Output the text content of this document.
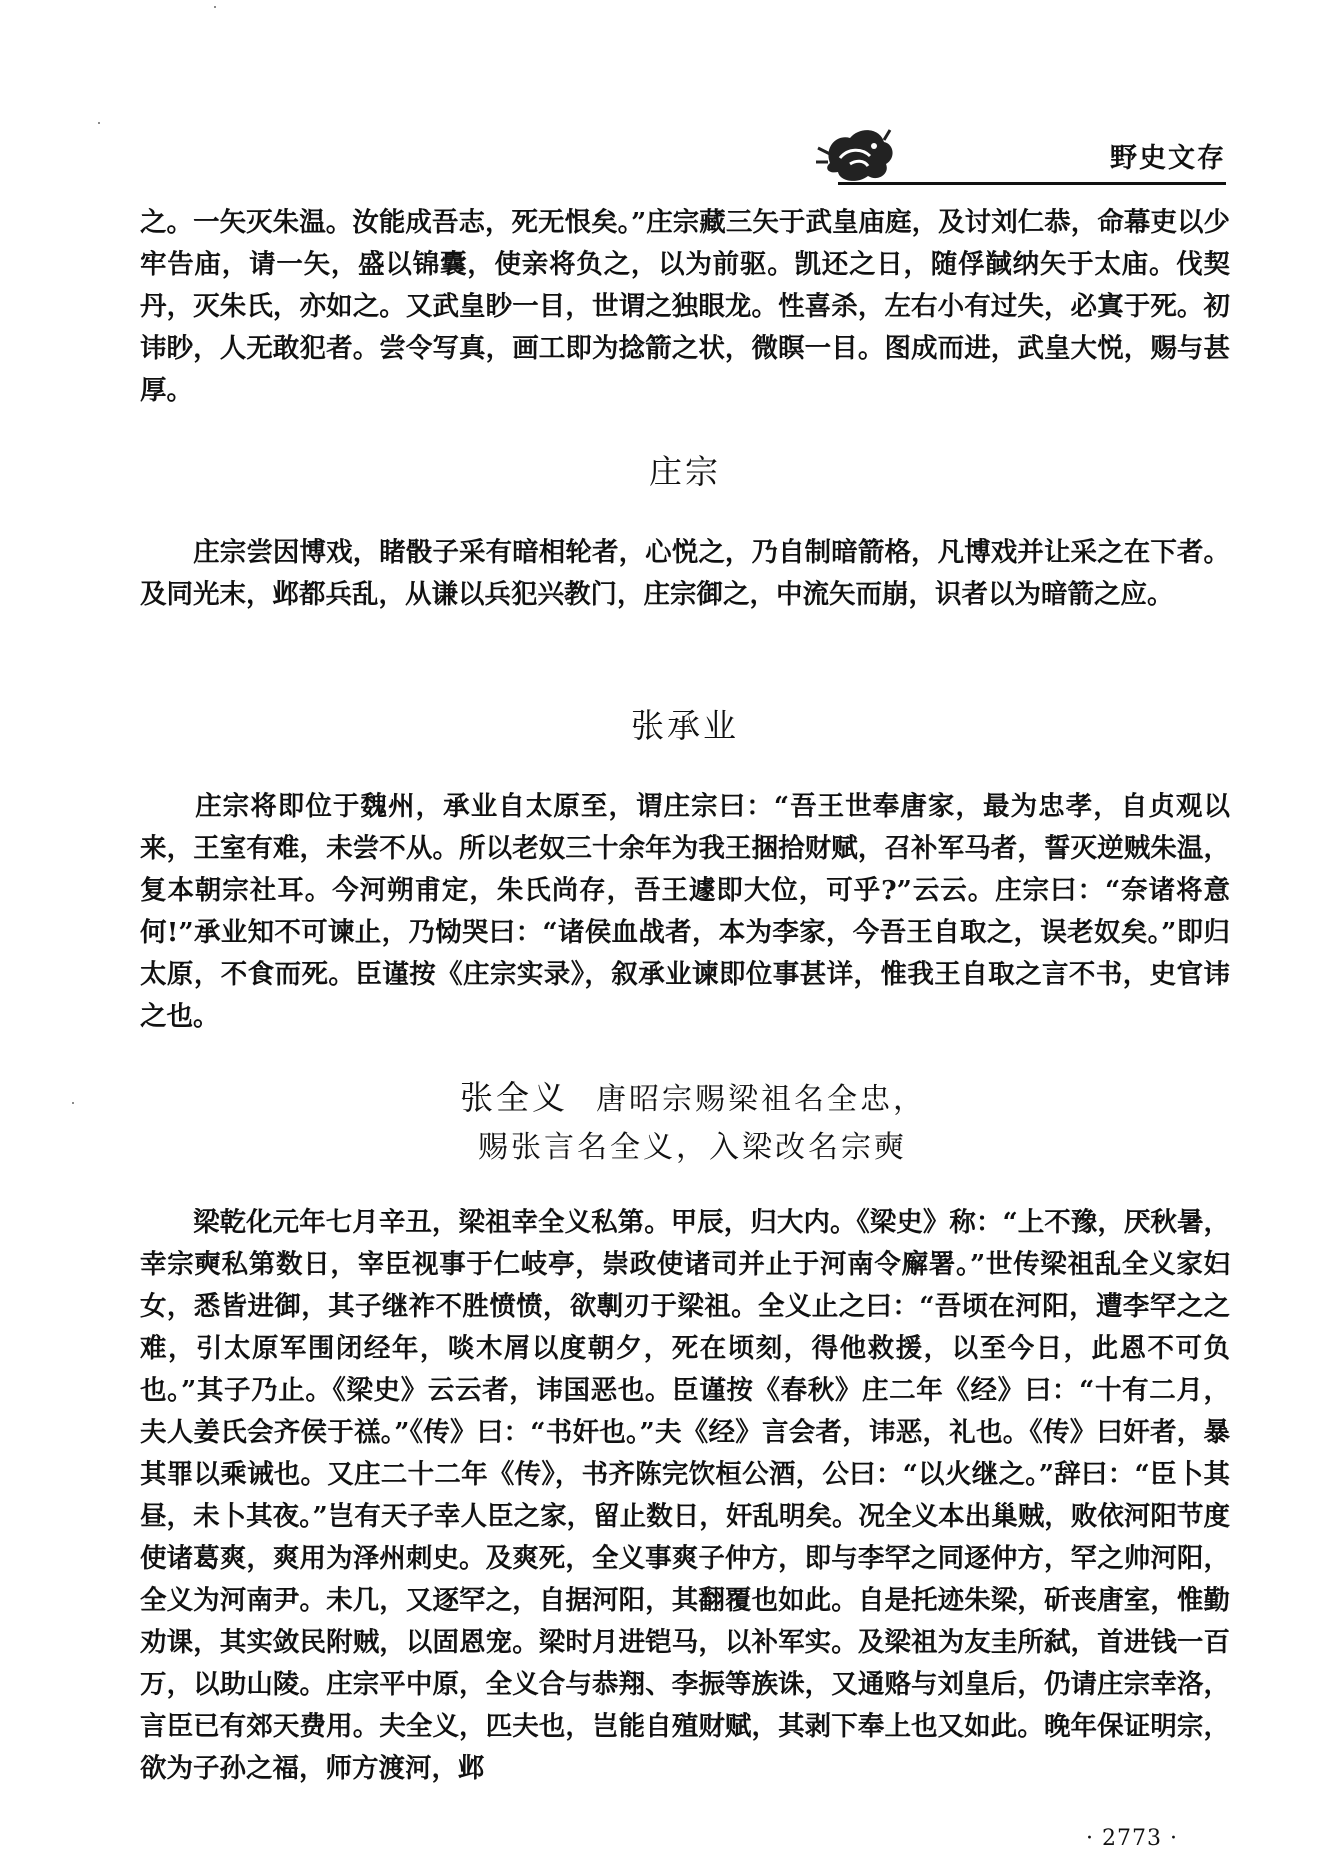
野史文存
之。一矢灭朱温。汝能成吾志，死无恨矣。”庄宗藏三矢于武皇庙庭，及讨刘仁恭，命幕吏以少牢告庙，请一矢，盛以锦囊，使亲将负之，以为前驱。凯还之日，随俘馘纳矢于太庙。伐契丹，灭朱氏，亦如之。又武皇眇一目，世谓之独眼龙。性喜杀，左右小有过失，必寘于死。初讳眇，人无敢犯者。尝令写真，画工即为捻箭之状，微瞑一目。图成而进，武皇大悦，赐与甚厚。
庄宗
　　庄宗尝因博戏，睹骰子采有暗相轮者，心悦之，乃自制暗箭格，凡博戏并让采之在下者。及同光末，邺都兵乱，从谦以兵犯兴教门，庄宗御之，中流矢而崩，识者以为暗箭之应。
张承业
　　庄宗将即位于魏州，承业自太原至，谓庄宗曰：“吾王世奉唐家，最为忠孝，自贞观以来，王室有难，未尝不从。所以老奴三十余年为我王捆拾财赋，召补军马者，誓灭逆贼朱温，复本朝宗社耳。今河朔甫定，朱氏尚存，吾王遽即大位，可乎?”云云。庄宗曰：“奈诸将意何!”承业知不可谏止，乃恸哭曰：“诸侯血战者，本为李家，今吾王自取之，误老奴矣。”即归太原，不食而死。臣谨按《庄宗实录》，叙承业谏即位事甚详，惟我王自取之言不书，史官讳之也。
张全义 唐昭宗赐梁祖名全忠，
赐张言名全义，入梁改名宗奭
　　梁乾化元年七月辛丑，梁祖幸全义私第。甲辰，归大内。《梁史》称：“上不豫，厌秋暑，幸宗奭私第数日，宰臣视事于仁岐亭，崇政使诸司并止于河南令廨署。”世传梁祖乱全义家妇女，悉皆进御，其子继祚不胜愤愤，欲剸刃于梁祖。全义止之曰：“吾顷在河阳，遭李罕之之难，引太原军围闭经年，啖木屑以度朝夕，死在顷刻，得他救援，以至今日，此恩不可负也。”其子乃止。《梁史》云云者，讳国恶也。臣谨按《春秋》庄二年《经》曰：“十有二月，夫人姜氏会齐侯于禚。”《传》曰：“书奸也。”夫《经》言会者，讳恶，礼也。《传》曰奸者，暴其罪以乘诫也。又庄二十二年《传》，书齐陈完饮桓公酒，公曰：“以火继之。”辞曰：“臣卜其昼，未卜其夜。”岂有天子幸人臣之家，留止数日，奸乱明矣。况全义本出巢贼，败依河阳节度使诸葛爽，爽用为泽州刺史。及爽死，全义事爽子仲方，即与李罕之同逐仲方，罕之帅河阳，全义为河南尹。未几，又逐罕之，自据河阳，其翻覆也如此。自是托迹朱梁，斫丧唐室，惟勤劝课，其实敛民附贼，以固恩宠。梁时月进铠马，以补军实。及梁祖为友圭所弑，首进钱一百万，以助山陵。庄宗平中原，全义合与恭翔、李振等族诛，又通赂与刘皇后，仍请庄宗幸洛，言臣已有郊天费用。夫全义，匹夫也，岂能自殖财赋，其剥下奉上也又如此。晚年保证明宗，欲为子孙之福，师方渡河，邺
· 2773 ·
